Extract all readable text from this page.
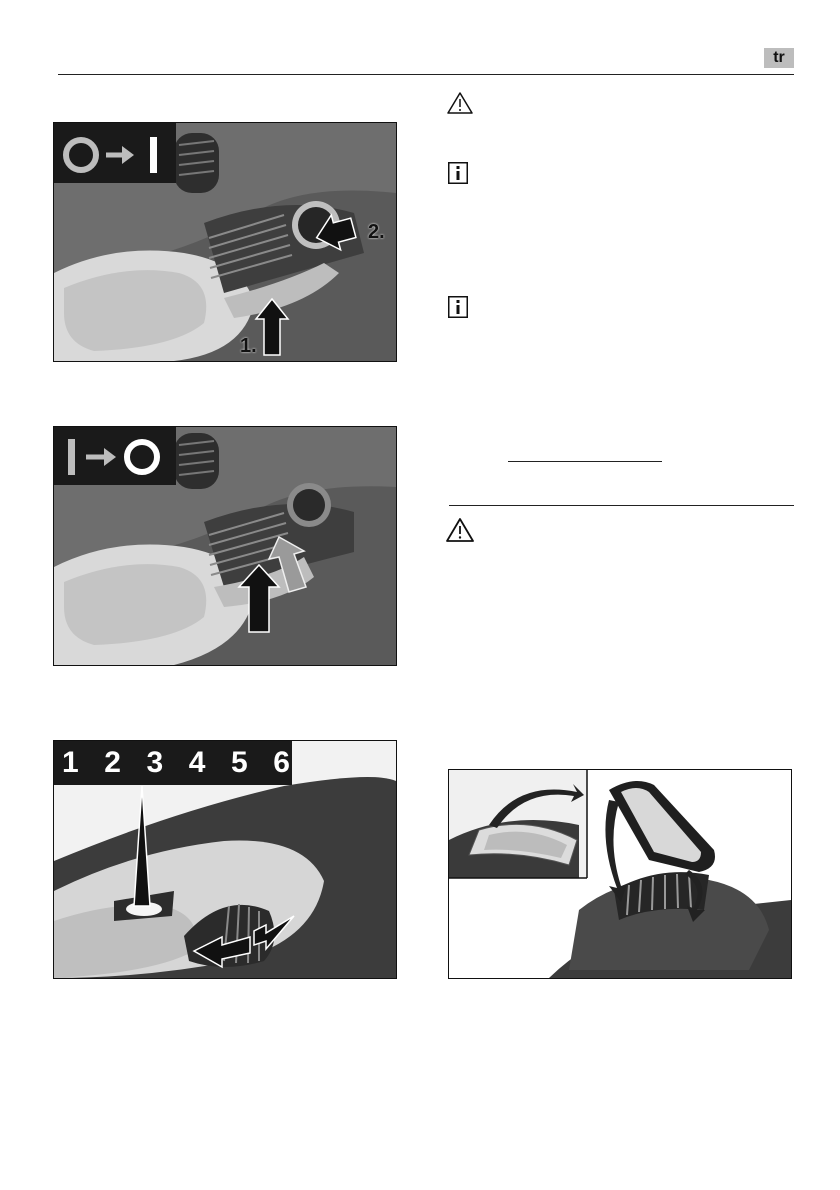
tr
1.
2.
1 2 3 4 5 6
